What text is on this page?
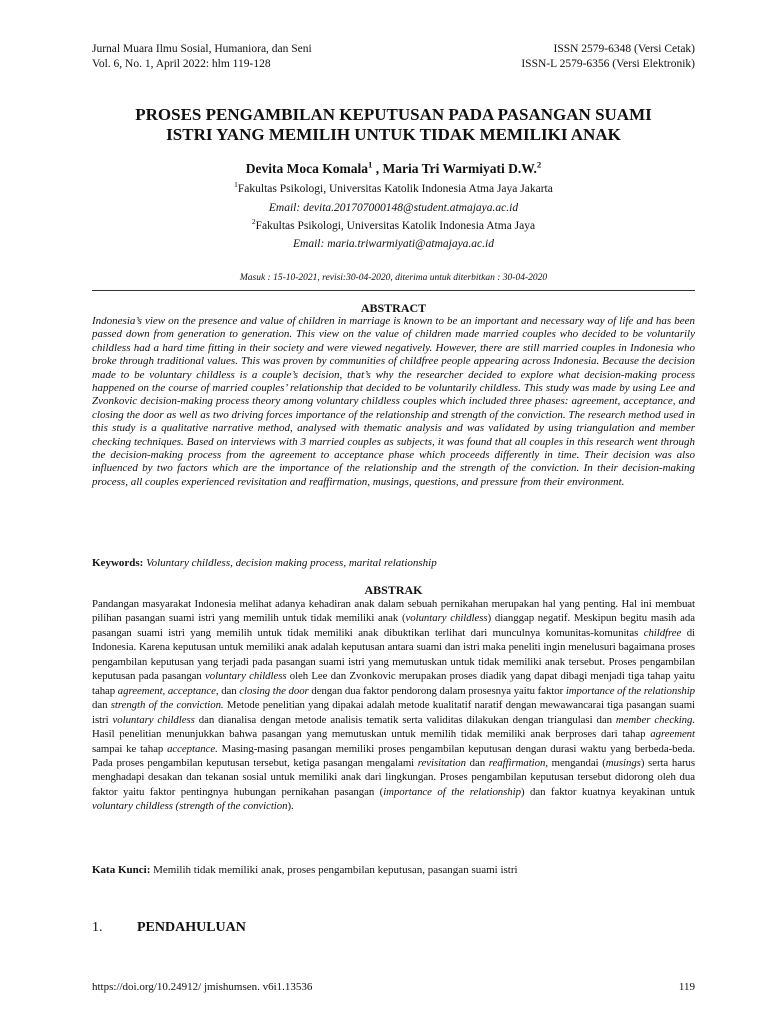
Jurnal Muara Ilmu Sosial, Humaniora, dan Seni
Vol. 6, No. 1, April 2022: hlm 119-128
ISSN 2579-6348 (Versi Cetak)
ISSN-L 2579-6356 (Versi Elektronik)
PROSES PENGAMBILAN KEPUTUSAN PADA PASANGAN SUAMI
ISTRI YANG MEMILIH UNTUK TIDAK MEMILIKI ANAK
Devita Moca Komala$^1$ , Maria Tri Warmiyati D.W.$^2$
$^1$Fakultas Psikologi, Universitas Katolik Indonesia Atma Jaya Jakarta
Email: devita.201707000148@student.atmajaya.ac.id
$^2$Fakultas Psikologi, Universitas Katolik Indonesia Atma Jaya
Email: maria.triwarmiyati@atmajaya.ac.id
Masuk : 15-10-2021, revisi:30-04-2020, diterima untuk diterbitkan : 30-04-2020
ABSTRACT

Indonesia’s view on the presence and value of children in marriage is known to be an important and necessary way of life and has been passed down from generation to generation. This view on the value of children made married couples who decided to be voluntarily childless had a hard time fitting in their society and were viewed negatively. However, there are still married couples in Indonesia who broke through traditional values. This was proven by communities of childfree people appearing across Indonesia. Because the decision made to be voluntary childless is a couple’s decision, that’s why the researcher decided to explore what decision-making process happened on the course of married couples’ relationship that decided to be voluntarily childless. This study was made by using Lee and Zvonkovic decision-making process theory among voluntary childless couples which included three phases: agreement, acceptance, and closing the door as well as two driving forces importance of the relationship and strength of the conviction. The research method used in this study is a qualitative narrative method, analysed with thematic analysis and was validated by using triangulation and member checking techniques. Based on interviews with 3 married couples as subjects, it was found that all couples in this research went through the decision-making process from the agreement to acceptance phase which proceeds differently in time. Their decision was also influenced by two factors which are the importance of the relationship and the strength of the conviction. In their decision-making process, all couples experienced revisitation and reaffirmation, musings, questions, and pressure from their environment.

Keywords: Voluntary childless, decision making process, marital relationship

ABSTRAK

Pandangan masyarakat Indonesia melihat adanya kehadiran anak dalam sebuah pernikahan merupakan hal yang penting. Hal ini membuat pilihan pasangan suami istri yang memilih untuk tidak memiliki anak (voluntary childless) dianggap negatif. Meskipun begitu masih ada pasangan suami istri yang memilih untuk tidak memiliki anak dibuktikan terlihat dari munculnya komunitas-komunitas childfree di Indonesia. Karena keputusan untuk memiliki anak adalah keputusan antara suami dan istri maka peneliti ingin menelusuri bagaimana proses pengambilan keputusan yang terjadi pada pasangan suami istri yang memutuskan untuk tidak memiliki anak tersebut. Proses pengambilan keputusan pada pasangan voluntary childless oleh Lee dan Zvonkovic merupakan proses diadik yang dapat dibagi menjadi tiga tahap yaitu tahap agreement, acceptance, dan closing the door dengan dua faktor pendorong dalam prosesnya yaitu faktor importance of the relationship dan strength of the conviction. Metode penelitian yang dipakai adalah metode kualitatif naratif dengan mewawancarai tiga pasangan suami istri voluntary childless dan dianalisa dengan metode analisis tematik serta validitas dilakukan dengan triangulasi dan member checking. Hasil penelitian menunjukkan bahwa pasangan yang memutuskan untuk memilih tidak memiliki anak berproses dari tahap agreement sampai ke tahap acceptance. Masing-masing pasangan memiliki proses pengambilan keputusan dengan durasi waktu yang berbeda-beda. Pada proses pengambilan keputusan tersebut, ketiga pasangan mengalami revisitation dan reaffirmation, mengandai (musings) serta harus menghadapi desakan dan tekanan sosial untuk memiliki anak dari lingkungan. Proses pengambilan keputusan tersebut didorong oleh dua faktor yaitu faktor pentingnya hubungan pernikahan pasangan (importance of the relationship) dan faktor kuatnya keyakinan untuk voluntary childless (strength of the conviction).

Kata Kunci: Memilih tidak memiliki anak, proses pengambilan keputusan, pasangan suami istri

1. PENDAHULUAN
https://doi.org/10.24912/ jmishumsen. v6i1.13536	119
